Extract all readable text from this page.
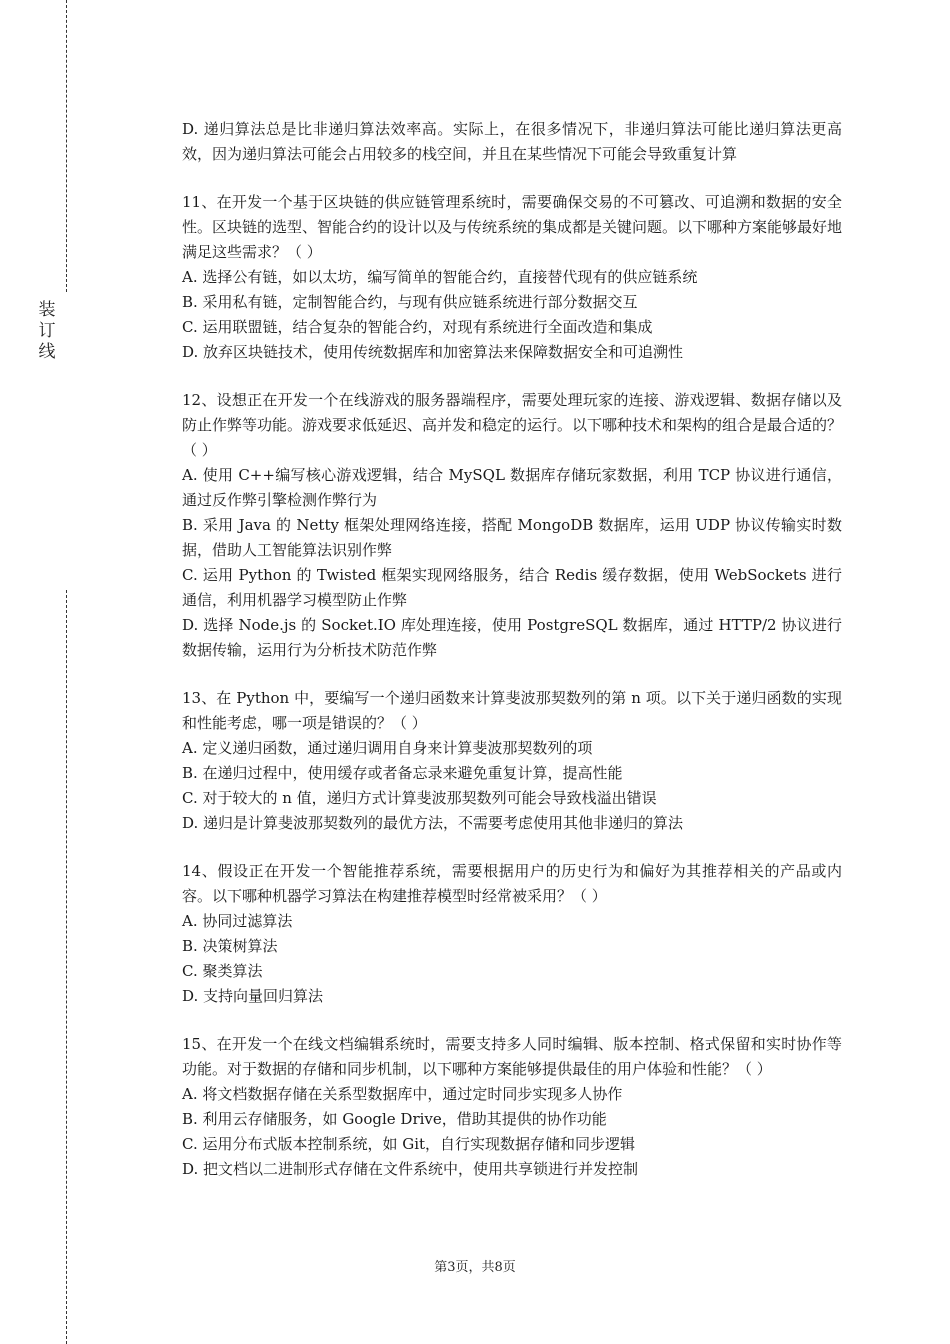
装
订
线

D. 递归算法总是比非递归算法效率高。实际上，在很多情况下，非递归算法可能比递归算法更高效，因为递归算法可能会占用较多的栈空间，并且在某些情况下可能会导致重复计算

11、在开发一个基于区块链的供应链管理系统时，需要确保交易的不可篡改、可追溯和数据的安全性。区块链的选型、智能合约的设计以及与传统系统的集成都是关键问题。以下哪种方案能够最好地满足这些需求？（ ）

A. 选择公有链，如以太坊，编写简单的智能合约，直接替代现有的供应链系统

B. 采用私有链，定制智能合约，与现有供应链系统进行部分数据交互

C. 运用联盟链，结合复杂的智能合约，对现有系统进行全面改造和集成

D. 放弃区块链技术，使用传统数据库和加密算法来保障数据安全和可追溯性

12、设想正在开发一个在线游戏的服务器端程序，需要处理玩家的连接、游戏逻辑、数据存储以及防止作弊等功能。游戏要求低延迟、高并发和稳定的运行。以下哪种技术和架构的组合是最合适的？（ ）

A. 使用 C++编写核心游戏逻辑，结合 MySQL 数据库存储玩家数据，利用 TCP 协议进行通信，通过反作弊引擎检测作弊行为

B. 采用 Java 的 Netty 框架处理网络连接，搭配 MongoDB 数据库，运用 UDP 协议传输实时数据，借助人工智能算法识别作弊

C. 运用 Python 的 Twisted 框架实现网络服务，结合 Redis 缓存数据，使用 WebSockets 进行通信，利用机器学习模型防止作弊

D. 选择 Node.js 的 Socket.IO 库处理连接，使用 PostgreSQL 数据库，通过 HTTP/2 协议进行数据传输，运用行为分析技术防范作弊

13、在 Python 中，要编写一个递归函数来计算斐波那契数列的第 n 项。以下关于递归函数的实现和性能考虑，哪一项是错误的？（ ）

A. 定义递归函数，通过递归调用自身来计算斐波那契数列的项

B. 在递归过程中，使用缓存或者备忘录来避免重复计算，提高性能

C. 对于较大的 n 值，递归方式计算斐波那契数列可能会导致栈溢出错误

D. 递归是计算斐波那契数列的最优方法，不需要考虑使用其他非递归的算法

14、假设正在开发一个智能推荐系统，需要根据用户的历史行为和偏好为其推荐相关的产品或内容。以下哪种机器学习算法在构建推荐模型时经常被采用？（ ）

A. 协同过滤算法

B. 决策树算法

C. 聚类算法

D. 支持向量回归算法

15、在开发一个在线文档编辑系统时，需要支持多人同时编辑、版本控制、格式保留和实时协作等功能。对于数据的存储和同步机制，以下哪种方案能够提供最佳的用户体验和性能？（ ）

A. 将文档数据存储在关系型数据库中，通过定时同步实现多人协作

B. 利用云存储服务，如 Google Drive，借助其提供的协作功能

C. 运用分布式版本控制系统，如 Git，自行实现数据存储和同步逻辑

D. 把文档以二进制形式存储在文件系统中，使用共享锁进行并发控制

第3页，共8页
